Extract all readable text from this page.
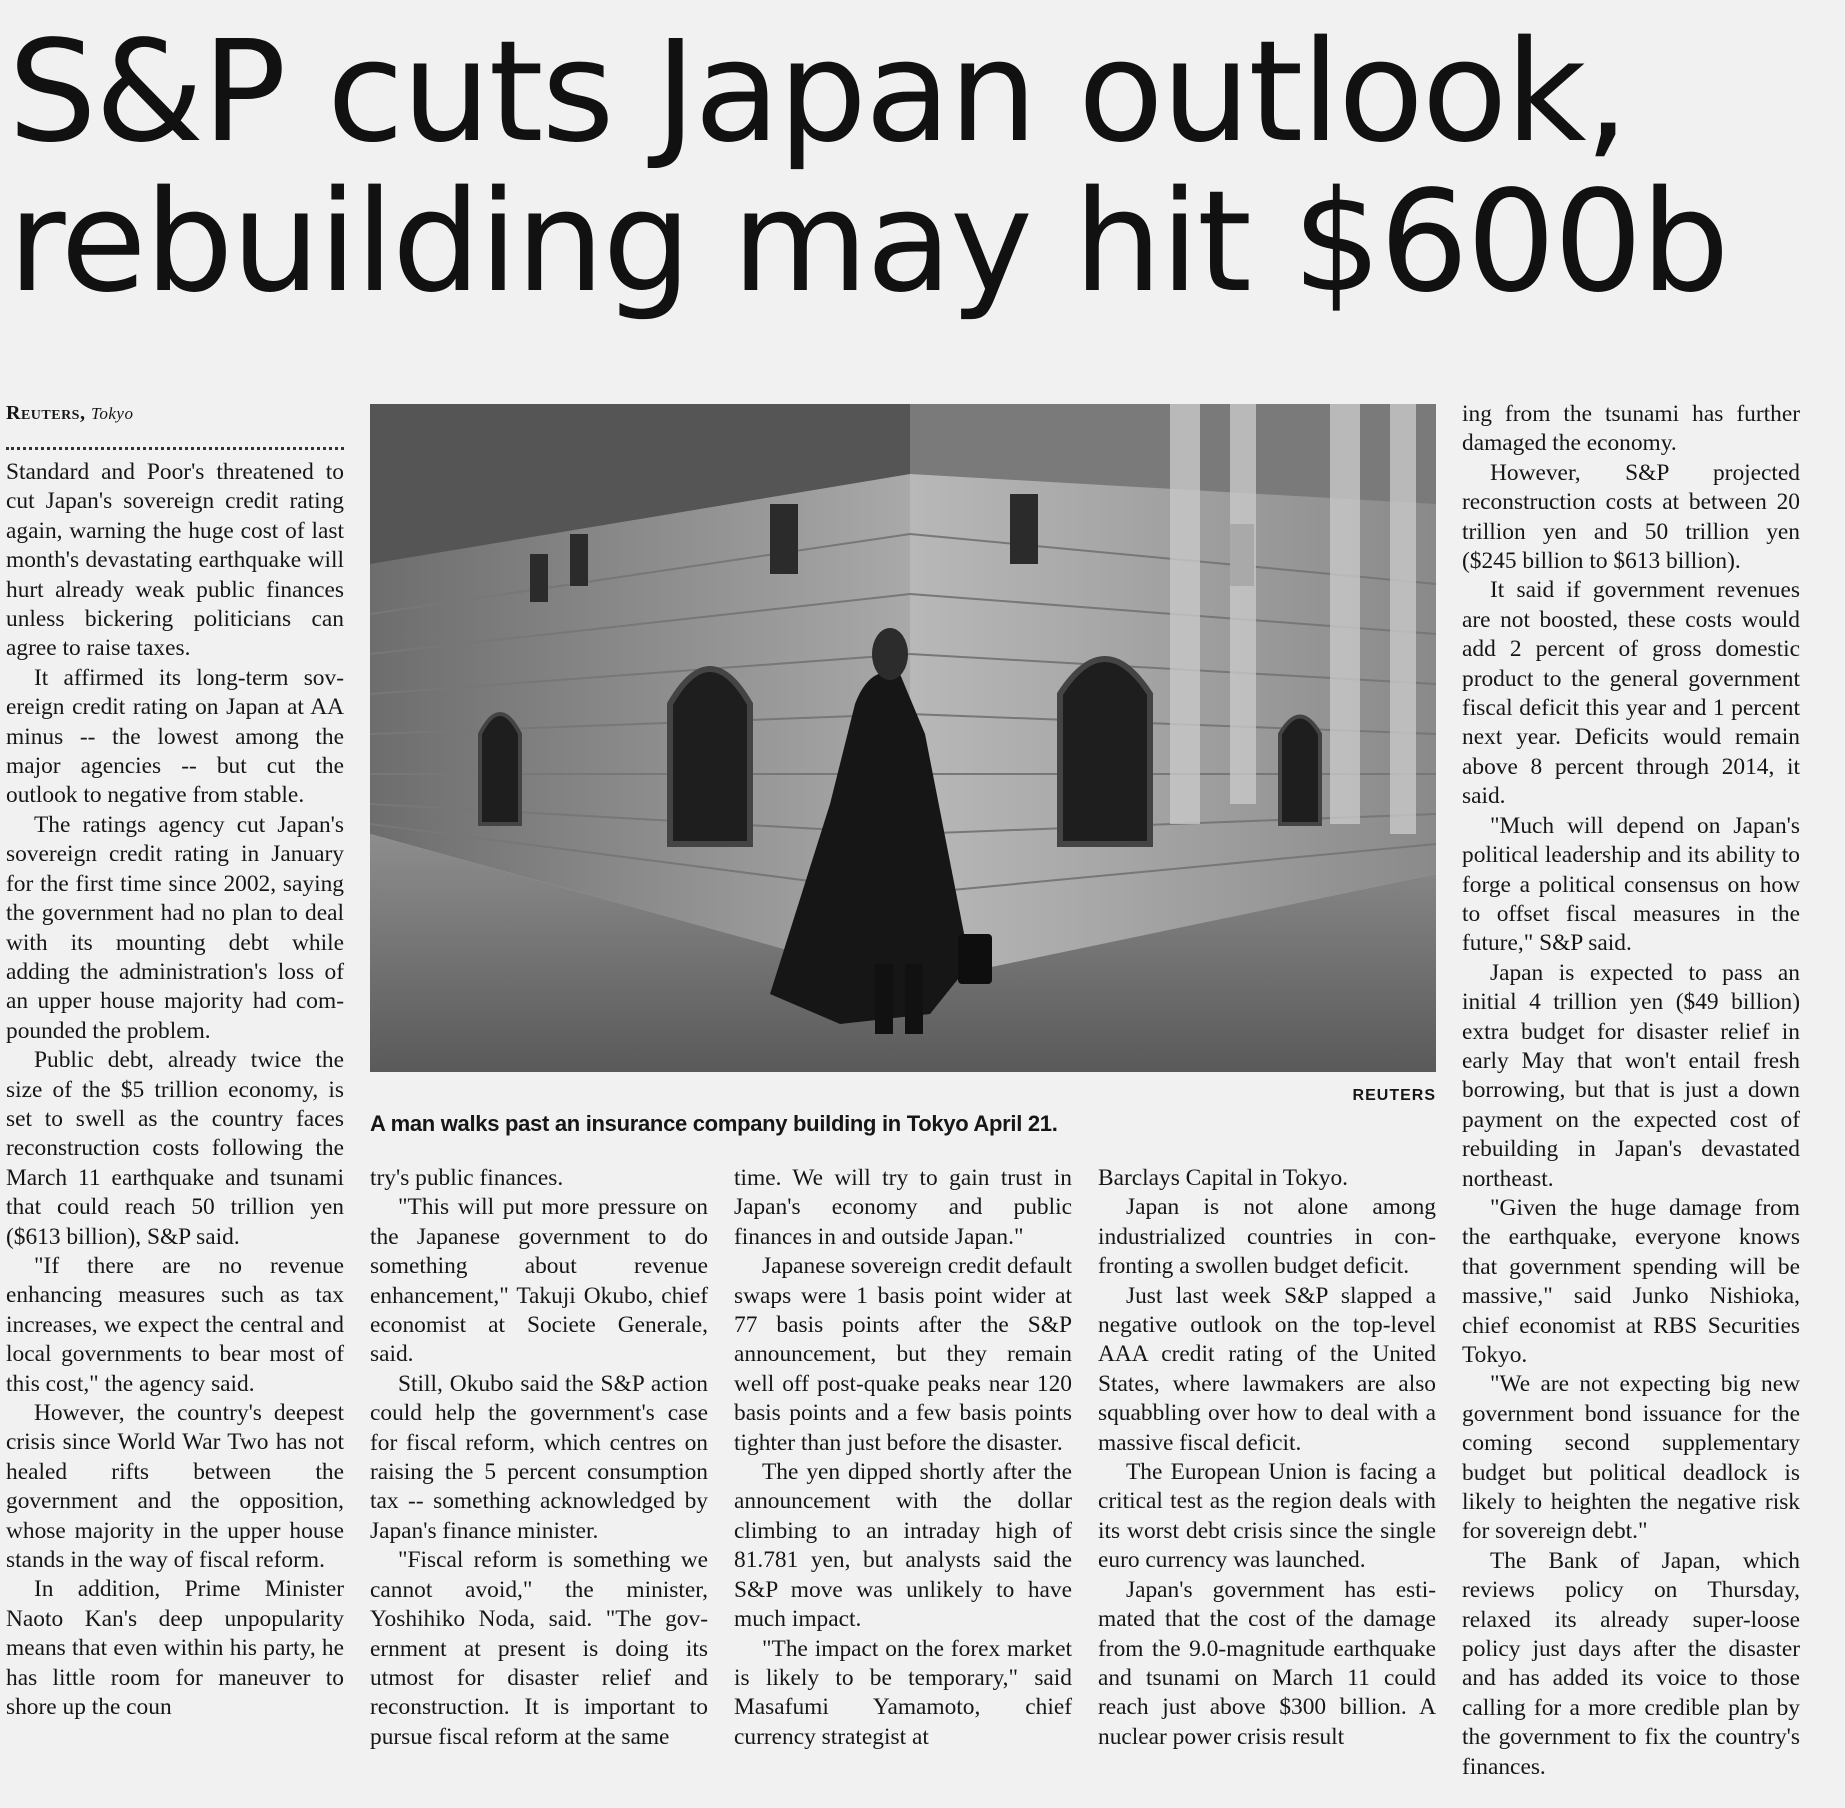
S&P cuts Japan outlook,
rebuilding may hit $600b
Reuters, Tokyo

Standard and Poor's threatened to cut Japan's sovereign credit rating again, warning the huge cost of last month's devastating earthquake will hurt already weak public finances unless bickering politicians can agree to raise taxes.

It affirmed its long-term sovereign credit rating on Japan at AA minus -- the lowest among the major agencies -- but cut the outlook to negative from stable.

The ratings agency cut Japan's sovereign credit rating in January for the first time since 2002, saying the government had no plan to deal with its mounting debt while adding the administration's loss of an upper house majority had compounded the problem.

Public debt, already twice the size of the $5 trillion economy, is set to swell as the country faces reconstruction costs following the March 11 earthquake and tsunami that could reach 50 trillion yen ($613 billion), S&P said.

"If there are no revenue enhancing measures such as tax increases, we expect the central and local governments to bear most of this cost," the agency said.

However, the country's deepest crisis since World War Two has not healed rifts between the government and the opposition, whose majority in the upper house stands in the way of fiscal reform.

In addition, Prime Minister Naoto Kan's deep unpopularity means that even within his party, he has little room for maneuver to shore up the coun

REUTERS
A man walks past an insurance company building in Tokyo April 21.

try's public finances.

"This will put more pressure on the Japanese government to do something about revenue enhancement," Takuji Okubo, chief economist at Societe Generale, said.

Still, Okubo said the S&P action could help the government's case for fiscal reform, which centres on raising the 5 percent consumption tax -- something acknowledged by Japan's finance minister.

"Fiscal reform is something we cannot avoid," the minister, Yoshihiko Noda, said. "The government at present is doing its utmost for disaster relief and reconstruction. It is important to pursue fiscal reform at the same

time. We will try to gain trust in Japan's economy and public finances in and outside Japan."

Japanese sovereign credit default swaps were 1 basis point wider at 77 basis points after the S&P announcement, but they remain well off post-quake peaks near 120 basis points and a few basis points tighter than just before the disaster.

The yen dipped shortly after the announcement with the dollar climbing to an intraday high of 81.781 yen, but analysts said the S&P move was unlikely to have much impact.

"The impact on the forex market is likely to be temporary," said Masafumi Yamamoto, chief currency strategist at

Barclays Capital in Tokyo.

Japan is not alone among industrialized countries in confronting a swollen budget deficit.

Just last week S&P slapped a negative outlook on the top-level AAA credit rating of the United States, where lawmakers are also squabbling over how to deal with a massive fiscal deficit.

The European Union is facing a critical test as the region deals with its worst debt crisis since the single euro currency was launched.

Japan's government has estimated that the cost of the damage from the 9.0-magnitude earthquake and tsunami on March 11 could reach just above $300 billion. A nuclear power crisis result

ing from the tsunami has further damaged the economy.

However, S&P projected reconstruction costs at between 20 trillion yen and 50 trillion yen ($245 billion to $613 billion).

It said if government revenues are not boosted, these costs would add 2 percent of gross domestic product to the general government fiscal deficit this year and 1 percent next year. Deficits would remain above 8 percent through 2014, it said.

"Much will depend on Japan's political leadership and its ability to forge a political consensus on how to offset fiscal measures in the future," S&P said.

Japan is expected to pass an initial 4 trillion yen ($49 billion) extra budget for disaster relief in early May that won't entail fresh borrowing, but that is just a down payment on the expected cost of rebuilding in Japan's devastated northeast.

"Given the huge damage from the earthquake, everyone knows that government spending will be massive," said Junko Nishioka, chief economist at RBS Securities Tokyo.

"We are not expecting big new government bond issuance for the coming second supplementary budget but political deadlock is likely to heighten the negative risk for sovereign debt."

The Bank of Japan, which reviews policy on Thursday, relaxed its already super-loose policy just days after the disaster and has added its voice to those calling for a more credible plan by the government to fix the country's finances.
